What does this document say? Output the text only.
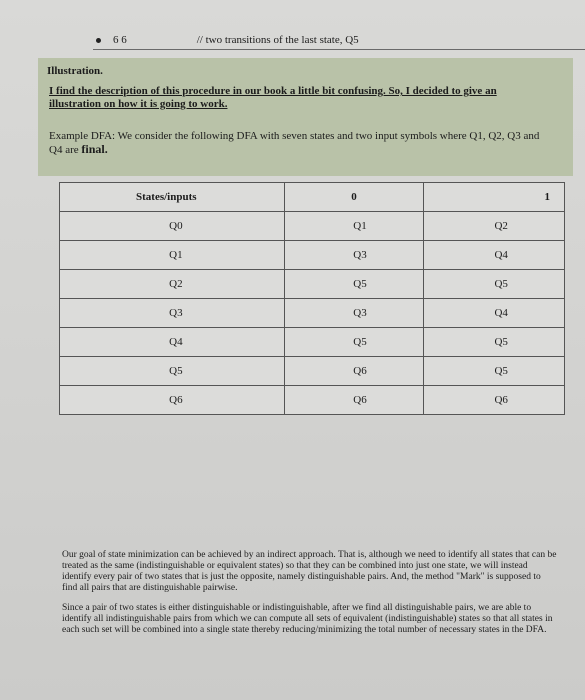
6 6	// two transitions of the last state, Q5
Illustration.
I find the description of this procedure in our book a little bit confusing. So, I decided to give an illustration on how it is going to work.
Example DFA: We consider the following DFA with seven states and two input symbols where Q1, Q2, Q3 and Q4 are final.
States/inputs	0	1
Q0	Q1	Q2
Q1	Q3	Q4
Q2	Q5	Q5
Q3	Q3	Q4
Q4	Q5	Q5
Q5	Q6	Q5
Q6	Q6	Q6

Our goal of state minimization can be achieved by an indirect approach. That is, although we need to identify all states that can be treated as the same (indistinguishable or equivalent states) so that they can be combined into just one state, we will instead identify every pair of two states that is just the opposite, namely distinguishable pairs. And, the method "Mark" is supposed to find all pairs that are distinguishable pairwise.

Since a pair of two states is either distinguishable or indistinguishable, after we find all distinguishable pairs, we are able to identify all indistinguishable pairs from which we can compute all sets of equivalent (indistinguishable) states so that all states in each such set will be combined into a single state thereby reducing/minimizing the total number of necessary states in the DFA.
